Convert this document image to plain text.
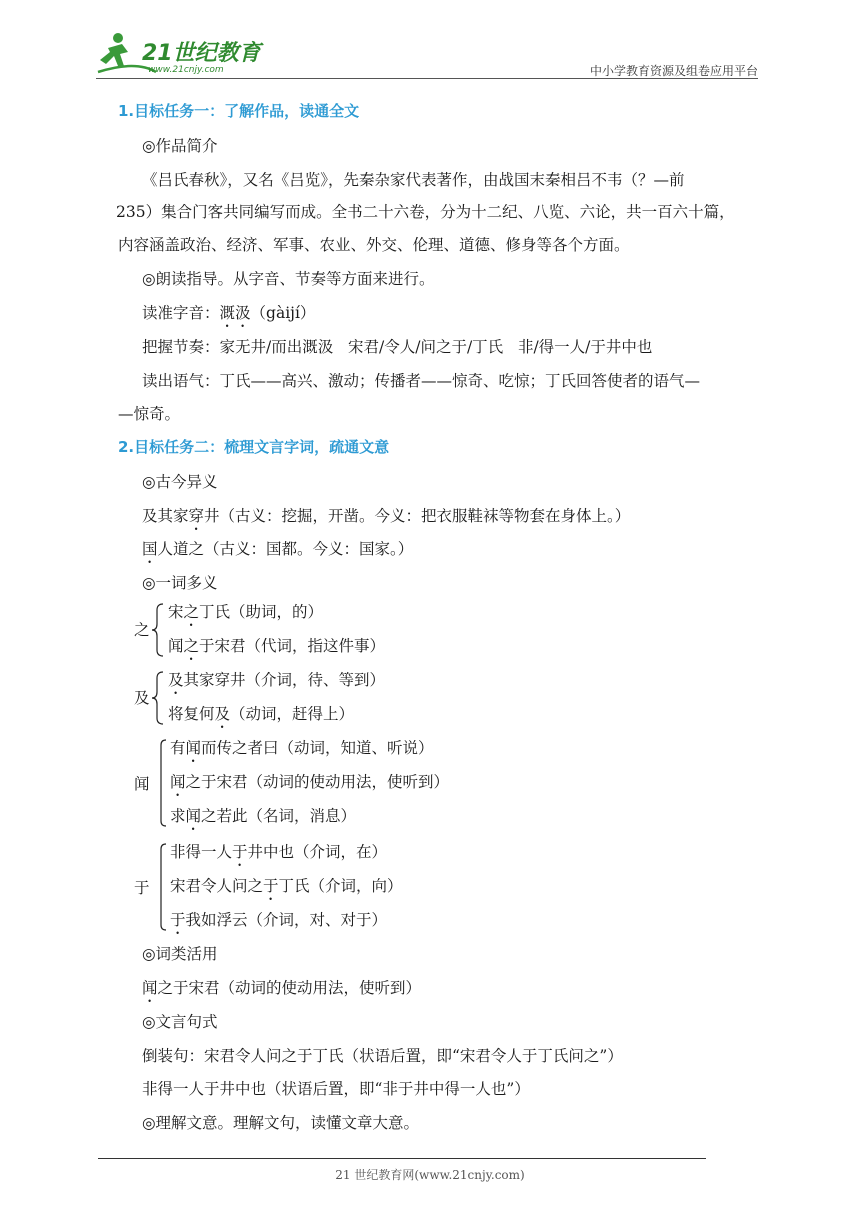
21世纪教育
www.21cnjy.com	中小学教育资源及组卷应用平台
1.目标任务一：了解作品，读通全文
◎作品简介
《吕氏春秋》，又名《吕览》，先秦杂家代表著作，由战国末秦相吕不韦（？—前
235）集合门客共同编写而成。全书二十六卷，分为十二纪、八览、六论，共一百六十篇，
内容涵盖政治、经济、军事、农业、外交、伦理、道德、修身等各个方面。
◎朗读指导。从字音、节奏等方面来进行。
读准字音：溉汲（gàijí）
把握节奏：家无井/而出溉汲   宋君/令人/问之于/丁氏   非/得一人/于井中也
读出语气：丁氏——高兴、激动；传播者——惊奇、吃惊；丁氏回答使者的语气—
—惊奇。
2.目标任务二：梳理文言字词，疏通文意
◎古今异义
及其家穿井（古义：挖掘，开凿。今义：把衣服鞋袜等物套在身体上。）
国人道之（古义：国都。今义：国家。）
◎一词多义
之
宋之丁氏（助词，的）
闻之于宋君（代词，指这件事）
及
及其家穿井（介词，待、等到）
将复何及（动词，赶得上）
闻
有闻而传之者曰（动词，知道、听说）
闻之于宋君（动词的使动用法，使听到）
求闻之若此（名词，消息）
于
非得一人于井中也（介词，在）
宋君令人问之于丁氏（介词，向）
于我如浮云（介词，对、对于）
◎词类活用
闻之于宋君（动词的使动用法，使听到）
◎文言句式
倒装句：宋君令人问之于丁氏（状语后置，即“宋君令人于丁氏问之”）
非得一人于井中也（状语后置，即“非于井中得一人也”）
◎理解文意。理解文句，读懂文章大意。
21 世纪教育网(www.21cnjy.com)
